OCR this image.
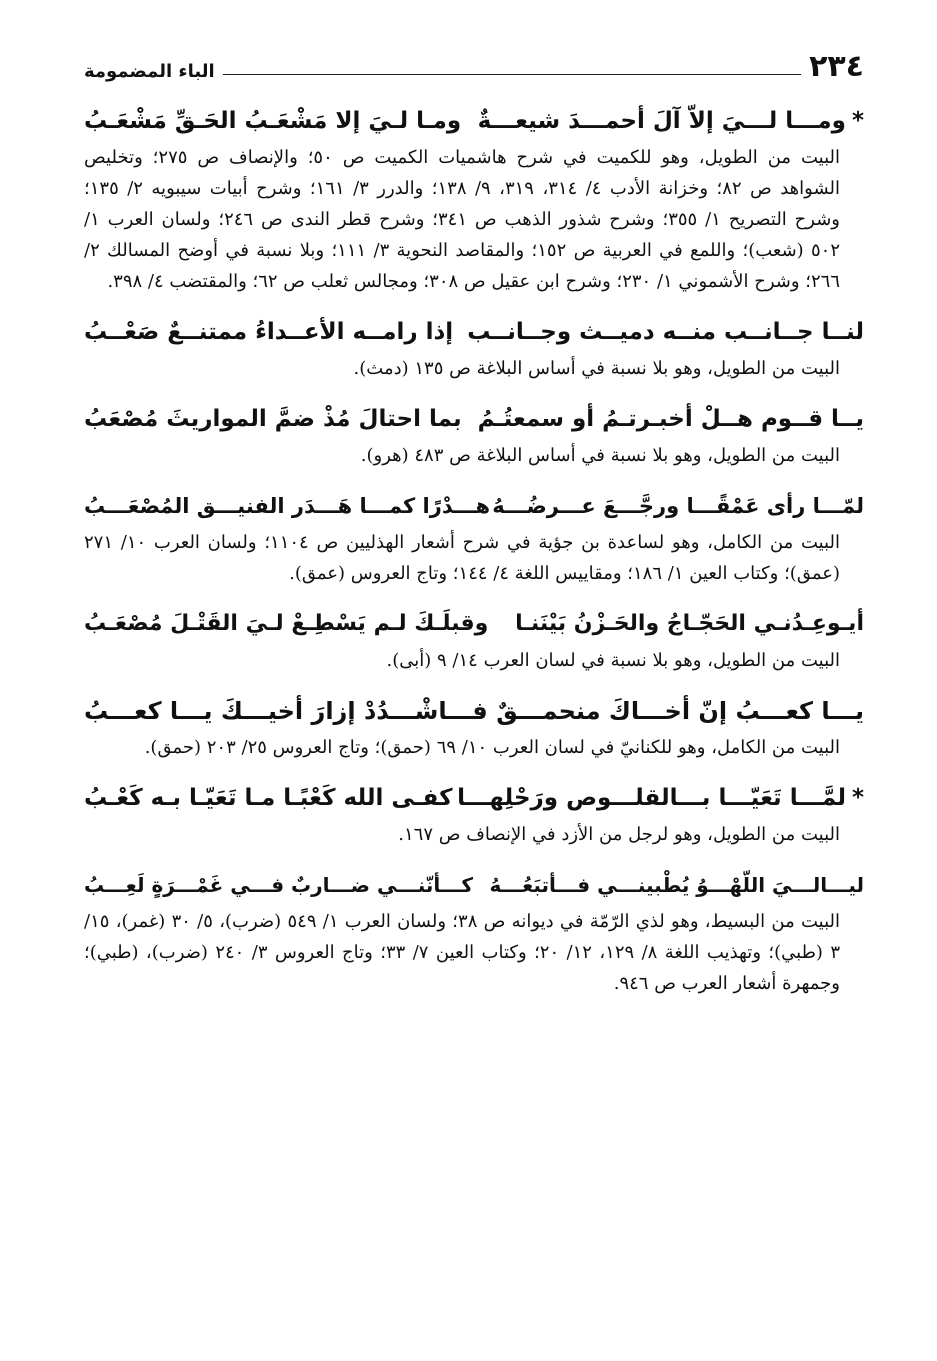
٢٣٤
الباء المضمومة
*ومـــا لـــيَ إلاّ آلَ أحمـــدَ شيعـــةٌ
ومـا لـيَ إلا مَشْعَـبُ الحَـقِّ مَشْعَـبُ
البيت من الطويل، وهو للكميت في شرح هاشميات الكميت ص ٥٠؛ والإنصاف ص ٢٧٥؛ وتخليص الشواهد ص ٨٢؛ وخزانة الأدب ٤/ ٣١٤، ٣١٩، ٩/ ١٣٨؛ والدرر ٣/ ١٦١؛ وشرح أبيات سيبويه ٢/ ١٣٥؛ وشرح التصريح ١/ ٣٥٥؛ وشرح شذور الذهب ص ٣٤١؛ وشرح قطر الندى ص ٢٤٦؛ ولسان العرب ١/ ٥٠٢ (شعب)؛ واللمع في العربية ص ١٥٢؛ والمقاصد النحوية ٣/ ١١١؛ وبلا نسبة في أوضح المسالك ٢/ ٢٦٦؛ وشرح الأشموني ١/ ٢٣٠؛ وشرح ابن عقيل ص ٣٠٨؛ ومجالس ثعلب ص ٦٢؛ والمقتضب ٤/ ٣٩٨.
لنــا جــانــب منــه دميــث وجــانــب
إذا رامــه الأعــداءُ ممتنــعٌ صَعْــبُ
البيت من الطويل، وهو بلا نسبة في أساس البلاغة ص ١٣٥ (دمث).
يــا قــوم هــلْ أخبـرتـمُ أو سمعتُـمُ
بما احتالَ مُذْ ضمَّ المواريثَ مُصْعَبُ
البيت من الطويل، وهو بلا نسبة في أساس البلاغة ص ٤٨٣ (هرو).
لمّـــا رأى عَمْقًـــا ورجَّـــعَ عـــرضُـــهُ
هـــدْرًا كمـــا هَـــدَر الفنيـــق المُصْعَـــبُ
البيت من الكامل، وهو لساعدة بن جؤية في شرح أشعار الهذليين ص ١١٠٤؛ ولسان العرب ١٠/ ٢٧١ (عمق)؛ وكتاب العين ١/ ١٨٦؛ ومقاييس اللغة ٤/ ١٤٤؛ وتاج العروس (عمق).
أيـوعِـدُنـي الحَجّـاجُ والحَـزْنُ بَيْنَنـا
وقبلَـكَ لـم يَسْطِـعْ لـيَ القَتْـلَ مُصْعَـبُ
البيت من الطويل، وهو بلا نسبة في لسان العرب ١٤/ ٩ (أبى).
يـــا كعـــبُ إنّ أخـــاكَ منحمـــقٌ
فـــاشْـــدُدْ إزارَ أخيـــكَ يـــا كعـــبُ
البيت من الكامل، وهو للكنانيّ في لسان العرب ١٠/ ٦٩ (حمق)؛ وتاج العروس ٢٥/ ٢٠٣ (حمق).
*لمَّـــا تَعَيّـــا بـــالقلـــوص ورَحْلِهـــا
كفـى الله كَعْبًـا مـا تَعَيّـا بـه كَعْـبُ
البيت من الطويل، وهو لرجل من الأزد في الإنصاف ص ١٦٧.
ليـــالـــيَ اللّهْـــوُ يُطْبينـــي فـــأتبَعُـــهُ
كـــأنّنـــي ضـــاربٌ فـــي غَمْـــرَةٍ لَعِـــبُ
البيت من البسيط، وهو لذي الرّمّة في ديوانه ص ٣٨؛ ولسان العرب ١/ ٥٤٩ (ضرب)، ٥/ ٣٠ (غمر)، ١٥/ ٣ (طبي)؛ وتهذيب اللغة ٨/ ١٢٩، ١٢/ ٢٠؛ وكتاب العين ٧/ ٣٣؛ وتاج العروس ٣/ ٢٤٠ (ضرب)، (طبي)؛ وجمهرة أشعار العرب ص ٩٤٦.
